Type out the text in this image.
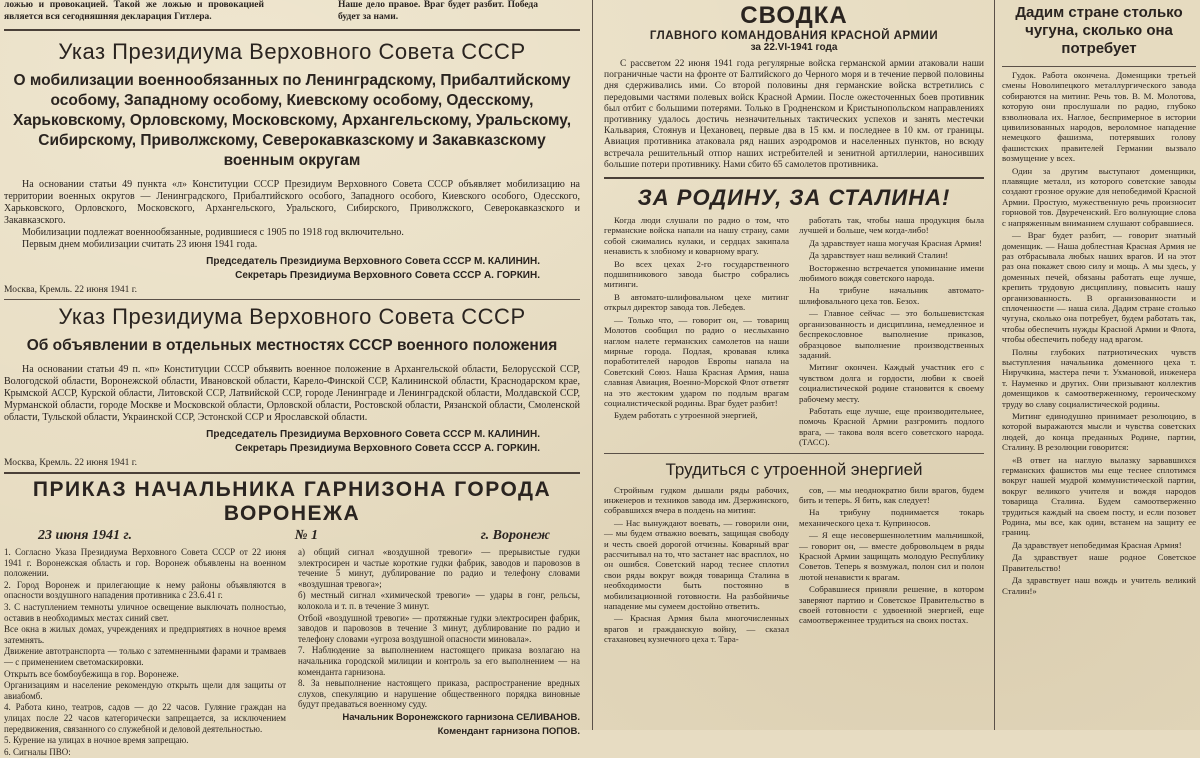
ложью и провокацией. Такой же ложью и провокацией является вся сегодняшняя декларация Гитлера.

Наше дело правое. Враг будет разбит. Победа будет за нами.

Указ Президиума Верховного Совета СССР
О мобилизации военнообязанных по Ленинградскому, Прибалтийскому особому, Западному особому, Киевскому особому, Одесскому, Харьковскому, Орловскому, Московскому, Архангельскому, Уральскому, Сибирскому, Приволжскому, Северокавказскому и Закавказскому военным округам

На основании статьи 49 пункта «л» Конституции СССР Президиум Верховного Совета СССР объявляет мобилизацию на территории военных округов — Ленинградского, Прибалтийского особого, Западного особого, Киевского особого, Одесского, Харьковского, Орловского, Московского, Архангельского, Уральского, Сибирского, Приволжского, Северокавказского и Закавказского.

Мобилизации подлежат военнообязанные, родившиеся с 1905 по 1918 год включительно.

Первым днем мобилизации считать 23 июня 1941 года.

Председатель Президиума Верховного Совета СССР М. КАЛИНИН.

Секретарь Президиума Верховного Совета СССР А. ГОРКИН.

Москва, Кремль. 22 июня 1941 г.

Указ Президиума Верховного Совета СССР
Об объявлении в отдельных местностях СССР военного положения

На основании статьи 49 п. «п» Конституции СССР объявить военное положение в Архангельской области, Белорусской ССР, Вологодской области, Воронежской области, Ивановской области, Карело-Финской ССР, Калининской области, Краснодарском крае, Крымской АССР, Курской области, Литовской ССР, Латвийской ССР, городе Ленинграде и Ленинградской области, Молдавской ССР, Мурманской области, городе Москве и Московской области, Орловской области, Ростовской области, Рязанской области, Смоленской области, Тульской области, Украинской ССР, Эстонской ССР и Ярославской области.

Председатель Президиума Верховного Совета СССР М. КАЛИНИН.

Секретарь Президиума Верховного Совета СССР А. ГОРКИН.

Москва, Кремль. 22 июня 1941 г.

ПРИКАЗ НАЧАЛЬНИКА ГАРНИЗОНА ГОРОДА ВОРОНЕЖА
23 июня 1941 г.	№ 1	г. Воронеж

1. Согласно Указа Президиума Верховного Совета СССР от 22 июня 1941 г. Воронежская область и гор. Воронеж объявлены на военном положении.

2. Город Воронеж и прилегающие к нему районы объявляются в опасности воздушного нападения противника с 23.6.41 г.

3. С наступлением темноты уличное освещение выключать полностью, оставив в необходимых местах синий свет.

Все окна в жилых домах, учреждениях и предприятиях в ночное время затемнять.

Движение автотранспорта — только с затемненными фарами и трамваев — с применением светомаскировки.

Открыть все бомбоубежища в гор. Воронеже.

Организациям и население рекомендую открыть щели для защиты от авиабомб.

4. Работа кино, театров, садов — до 22 часов. Гуляние граждан на улицах после 22 часов категорически запрещается, за исключением передвижения, связанного со служебной и деловой деятельностью.

5. Курение на улицах в ночное время запрещаю.

6. Сигналы ПВО:

а) общий сигнал «воздушной тревоги» — прерывистые гудки электросирен и частые короткие гудки фабрик, заводов и паровозов в течение 5 минут, дублирование по радио и телефону словами «воздушная тревога»;

б) местный сигнал «химической тревоги» — удары в гонг, рельсы, колокола и т. п. в течение 3 минут.

Отбой «воздушной тревоги» — протяжные гудки электросирен фабрик, заводов и паровозов в течение 3 минут, дублирование по радио и телефону словами «угроза воздушной опасности миновала».

7. Наблюдение за выполнением настоящего приказа возлагаю на начальника городской милиции и контроль за его выполнением — на коменданта гарнизона.

8. За невыполнение настоящего приказа, распространение вредных слухов, спекуляцию и нарушение общественного порядка виновные будут предаваться военному суду.

Начальник Воронежского гарнизона СЕЛИВАНОВ.

Комендант гарнизона ПОПОВ.

СВОДКА
ГЛАВНОГО КОМАНДОВАНИЯ КРАСНОЙ АРМИИ

за 22.VI-1941 года

С рассветом 22 июня 1941 года регулярные войска германской армии атаковали наши пограничные части на фронте от Балтийского до Черного моря и в течение первой половины дня сдерживались ими. Со второй половины дня германские войска встретились с передовыми частями полевых войск Красной Армии. После ожесточенных боев противник был отбит с большими потерями. Только в Гродненском и Кристынопольском направлениях противнику удалось достичь незначительных тактических успехов и занять местечки Кальвария, Стоянув и Цехановец, первые два в 15 км. и последнее в 10 км. от границы. Авиация противника атаковала ряд наших аэродромов и населенных пунктов, но всюду встречала решительный отпор наших истребителей и зенитной артиллерии, наносивших большие потери противнику. Нами сбито 65 самолетов противника.

ЗА РОДИНУ, ЗА СТАЛИНА!

Когда люди слушали по радио о том, что германские войска напали на нашу страну, сами собой сжимались кулаки, и сердцах закипала ненависть к злобному и коварному врагу.

Во всех цехах 2-го государственного подшипникового завода быстро собрались митинги.

В автомато-шлифовальном цехе митинг открыл директор завода тов. Лебедев.

— Только что, — говорит он, — товарищ Молотов сообщил по радио о неслыханно наглом налете германских самолетов на наши мирные города. Подлая, кровавая клика поработителей народов Европы напала на Советский Союз. Наша Красная Армия, наша славная Авиация, Военно-Морской Флот ответят на это жестоким ударом по подлым врагам социалистической родины. Враг будет разбит!

Будем работать с утроенной энергией,

работать так, чтобы наша продукция была лучшей и больше, чем когда-либо!

Да здравствует наша могучая Красная Армия!

Да здравствует наш великий Сталин!

Восторженно встречается упоминание имени любимого вождя советского народа.

На трибуне начальник автомато-шлифовального цеха тов. Безох.

— Главное сейчас — это большевистская организованность и дисциплина, немедленное и беспрекословное выполнение приказов, образцовое выполнение производственных заданий.

Митинг окончен. Каждый участник его с чувством долга и гордости, любви к своей социалистической родине становится к своему рабочему месту.

Работать еще лучше, еще производительнее, помочь Красной Армии разгромить подлого врага, — такова воля всего советского народа. (ТАСС).

Трудиться с утроенной энергией

Стройным гудком дышали ряды рабочих, инженеров и техников завода им. Дзержинского, собравшихся вчера в полдень на митинг.

— Нас вынуждают воевать, — говорили они, — мы будем отважно воевать, защищая свободу и честь своей дорогой отчизны. Коварный враг рассчитывал на то, что застанет нас врасплох, но он ошибся. Советский народ теснее сплотил свои ряды вокруг вождя товарища Сталина в необходимости быть постоянно в мобилизационной готовности. На разбойничье нападение мы сумеем достойно ответить.

— Красная Армия была многочисленных врагов и гражданскую войну, — сказал стахановец кузнечного цеха т. Тара-

сов, — мы неоднократно били врагов, будем бить и теперь. Я бить, как следует!

На трибуну поднимается токарь механического цеха т. Куприносов.

— Я еще несовершеннолетним мальчишкой, — говорит он, — вместе добровольцем в ряды Красной Армии защищать молодую Республику Советов. Теперь я возмужал, полон сил и полон лютой ненависти к врагам.

Собравшиеся приняли решение, в котором заверяют партию и Советское Правительство в своей готовности с удвоенной энергией, еще самоотверженнее трудиться на своих постах.

Дадим стране столько чугуна, сколько она потребует

Гудок. Работа окончена. Доменщики третьей смены Новолипецкого металлургического завода собираются на митинг. Речь тов. В. М. Молотова, которую они прослушали по радио, глубоко взволновала их. Наглое, беспримерное в истории цивилизованных народов, вероломное нападение немецкого фашизма, потерявших голову фашистских правителей Германии вызвало возмущение у всех.

Один за другим выступают доменщики, плавящие металл, из которого советские заводы создают грозное оружие для непобедимой Красной Армии. Простую, мужественную речь произносит горновой тов. Двуреченский. Его волнующие слова с напряженным вниманием слушают собравшиеся.

— Враг будет разбит, — говорит знатный доменщик. — Наша доблестная Красная Армия не раз отбрасывала любых наших врагов. И на этот раз она покажет свою силу и мощь. А мы здесь, у доменных печей, обязаны работать еще лучше, крепить трудовую дисциплину, повысить нашу организованность. В организованности и сплоченности — наша сила. Дадим стране столько чугуна, сколько она потребует, будем работать так, чтобы обеспечить нужды Красной Армии и Флота, чтобы обеспечить победу над врагом.

Полны глубоких патриотических чувств выступления начальника доменного цеха т. Ниручкина, мастера печи т. Ухмановой, инженера т. Науменко и других. Они призывают коллектив доменщиков к самоотверженному, героическому труду во славу социалистической родины.

Митинг единодушно принимает резолюцию, в которой выражаются мысли и чувства советских людей, до конца преданных Родине, партии, Сталину. В резолюции говорится:

«В ответ на наглую вылазку зарвавшихся германских фашистов мы еще теснее сплотимся вокруг нашей мудрой коммунистической партии, вокруг великого учителя и вождя народов товарища Сталина. Будем самоотверженно трудиться каждый на своем посту, и если позовет Родина, мы все, как один, встанем на защиту ее границ.

Да здравствует непобедимая Красная Армия!

Да здравствует наше родное Советское Правительство!

Да здравствует наш вождь и учитель великий Сталин!»
